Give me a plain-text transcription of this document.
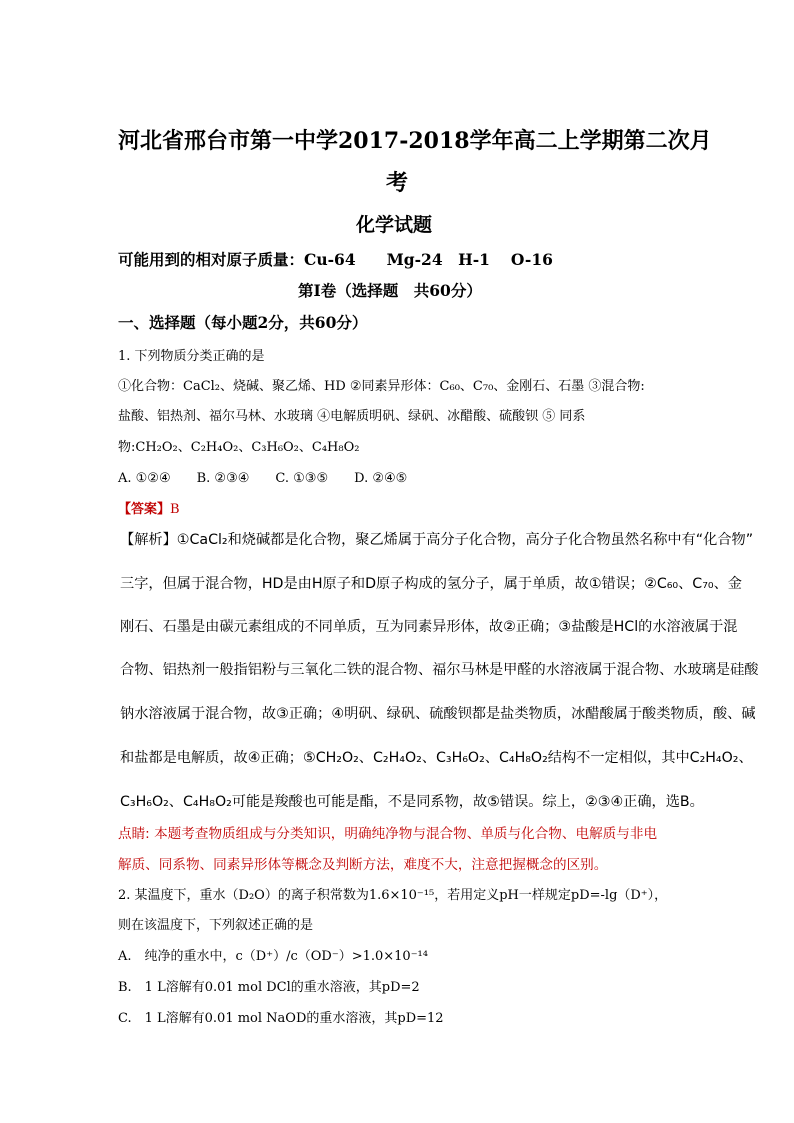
河北省邢台市第一中学2017-2018学年高二上学期第二次月
考
化学试题
可能用到的相对原子质量：Cu-64　　Mg-24　H-1　 O-16
第Ⅰ卷（选择题　共60分）
一、选择题（每小题2分，共60分）
1. 下列物质分类正确的是
①化合物：CaCl₂、烧碱、聚乙烯、HD ②同素异形体：C₆₀、C₇₀、金刚石、石墨 ③混合物:
盐酸、铝热剂、福尔马林、水玻璃 ④电解质明矾、绿矾、冰醋酸、硫酸钡 ⑤ 同系
物:CH₂O₂、C₂H₄O₂、C₃H₆O₂、C₄H₈O₂
A. ①②④　　B. ②③④　　C. ①③⑤　　D. ②④⑤
【答案】B
【解析】①CaCl₂和烧碱都是化合物，聚乙烯属于高分子化合物，高分子化合物虽然名称中有“化合物”
三字，但属于混合物，HD是由H原子和D原子构成的氢分子，属于单质，故①错误；②C₆₀、C₇₀、金
刚石、石墨是由碳元素组成的不同单质，互为同素异形体，故②正确；③盐酸是HCl的水溶液属于混
合物、铝热剂一般指铝粉与三氧化二铁的混合物、福尔马林是甲醛的水溶液属于混合物、水玻璃是硅酸
钠水溶液属于混合物，故③正确；④明矾、绿矾、硫酸钡都是盐类物质，冰醋酸属于酸类物质，酸、碱
和盐都是电解质，故④正确；⑤CH₂O₂、C₂H₄O₂、C₃H₆O₂、C₄H₈O₂结构不一定相似，其中C₂H₄O₂、
C₃H₆O₂、C₄H₈O₂可能是羧酸也可能是酯，不是同系物，故⑤错误。综上，②③④正确，选B。
点睛: 本题考查物质组成与分类知识，明确纯净物与混合物、单质与化合物、电解质与非电
解质、同系物、同素异形体等概念及判断方法，难度不大，注意把握概念的区别。
2. 某温度下，重水（D₂O）的离子积常数为1.6×10⁻¹⁵，若用定义pH一样规定pD=-lg（D⁺），
则在该温度下，下列叙述正确的是
A.　纯净的重水中，c（D⁺）/c（OD⁻）>1.0×10⁻¹⁴
B.　1 L溶解有0.01 mol DCl的重水溶液，其pD=2
C.　1 L溶解有0.01 mol NaOD的重水溶液，其pD=12
